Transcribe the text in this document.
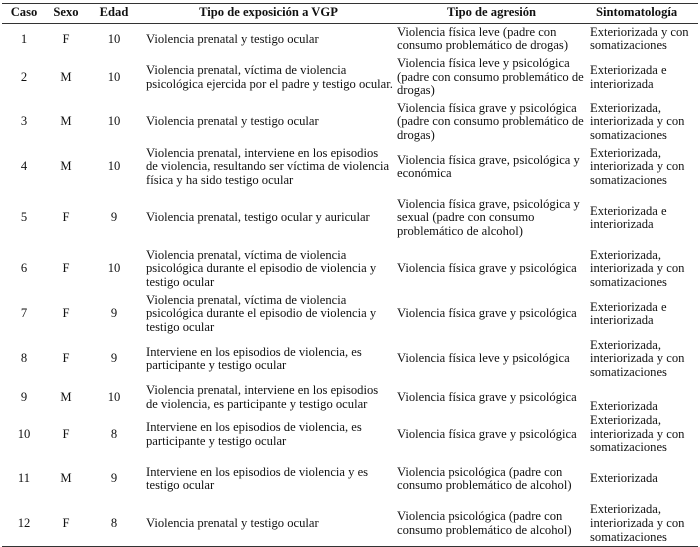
Caso	Sexo	Edad	Tipo de exposición a VGP	Tipo de agresión	Sintomatología
1	F	10	Violencia prenatal y testigo ocular	Violencia física leve (padre con consumo problemático de drogas)	Exteriorizada y con somatizaciones
2	M	10	Violencia prenatal, víctima de violencia psicológica ejercida por el padre y testigo ocular.	Violencia física leve y psicológica (padre con consumo problemático de drogas)	Exteriorizada e interiorizada
3	M	10	Violencia prenatal y testigo ocular	Violencia física grave y psicológica (padre con consumo problemático de drogas)	Exteriorizada, interiorizada y con somatizaciones
4	M	10	Violencia prenatal, interviene en los episodios de violencia, resultando ser víctima de violencia física y ha sido testigo ocular	Violencia física grave, psicológica y económica	Exteriorizada, interiorizada y con somatizaciones
5	F	9	Violencia prenatal, testigo ocular y auricular	Violencia física grave, psicológica y sexual (padre con consumo problemático de alcohol)	Exteriorizada e interiorizada
6	F	10	Violencia prenatal, víctima de violencia psicológica durante el episodio de violencia y testigo ocular	Violencia física grave y psicológica	Exteriorizada, interiorizada y con somatizaciones
7	F	9	Violencia prenatal, víctima de violencia psicológica durante el episodio de violencia y testigo ocular	Violencia física grave y psicológica	Exteriorizada e interiorizada
8	F	9	Interviene en los episodios de violencia, es participante y testigo ocular	Violencia física leve y psicológica	Exteriorizada, interiorizada y con somatizaciones
9	M	10	Violencia prenatal, interviene en los episodios de violencia, es participante y testigo ocular	Violencia física grave y psicológica	Exteriorizada
10	F	8	Interviene en los episodios de violencia, es participante y testigo ocular	Violencia física grave y psicológica	Exteriorizada, interiorizada y con somatizaciones
11	M	9	Interviene en los episodios de violencia y es testigo ocular	Violencia psicológica (padre con consumo problemático de alcohol)	Exteriorizada
12	F	8	Violencia prenatal y testigo ocular	Violencia psicológica (padre con consumo problemático de alcohol)	Exteriorizada, interiorizada y con somatizaciones
